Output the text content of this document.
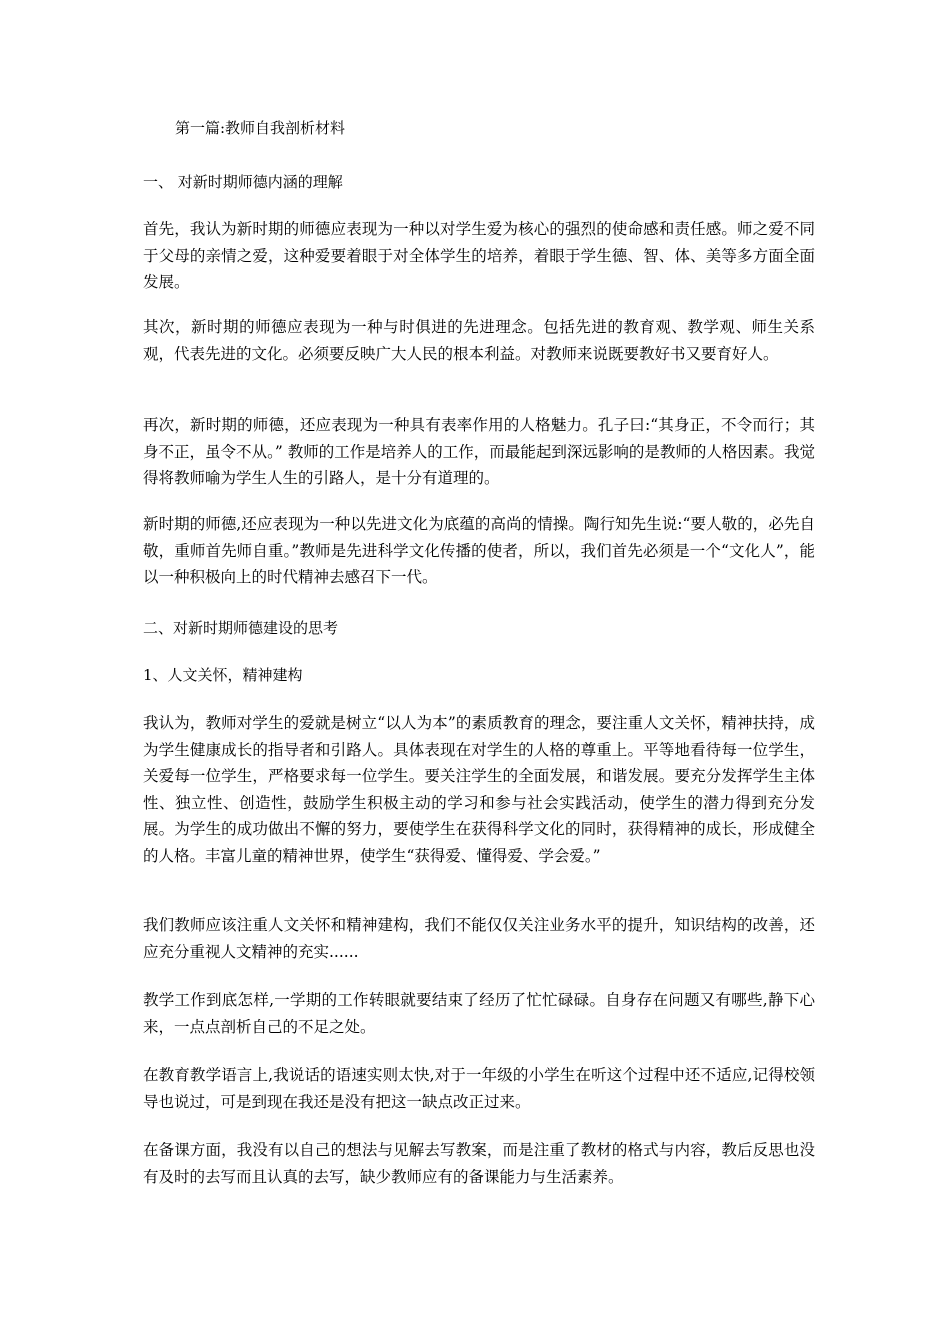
第一篇:教师自我剖析材料
一、 对新时期师德内涵的理解
首先，我认为新时期的师德应表现为一种以对学生爱为核心的强烈的使命感和责任感。师之爱不同于父母的亲情之爱，这种爱要着眼于对全体学生的培养，着眼于学生德、智、体、美等多方面全面发展。
其次，新时期的师德应表现为一种与时俱进的先进理念。包括先进的教育观、教学观、师生关系观，代表先进的文化。必须要反映广大人民的根本利益。对教师来说既要教好书又要育好人。
再次，新时期的师德，还应表现为一种具有表率作用的人格魅力。孔子曰:“其身正，不令而行；其身不正，虽令不从。” 教师的工作是培养人的工作，而最能起到深远影响的是教师的人格因素。我觉得将教师喻为学生人生的引路人，是十分有道理的。
新时期的师德,还应表现为一种以先进文化为底蕴的高尚的情操。陶行知先生说:“要人敬的，必先自敬，重师首先师自重。”教师是先进科学文化传播的使者，所以，我们首先必须是一个“文化人”，能以一种积极向上的时代精神去感召下一代。
二、对新时期师德建设的思考
1、人文关怀，精神建构
我认为，教师对学生的爱就是树立“以人为本”的素质教育的理念，要注重人文关怀，精神扶持，成为学生健康成长的指导者和引路人。具体表现在对学生的人格的尊重上。平等地看待每一位学生，关爱每一位学生，严格要求每一位学生。要关注学生的全面发展，和谐发展。要充分发挥学生主体性、独立性、创造性，鼓励学生积极主动的学习和参与社会实践活动，使学生的潜力得到充分发展。为学生的成功做出不懈的努力，要使学生在获得科学文化的同时，获得精神的成长，形成健全的人格。丰富儿童的精神世界，使学生“获得爱、懂得爱、学会爱。”
我们教师应该注重人文关怀和精神建构，我们不能仅仅关注业务水平的提升，知识结构的改善，还应充分重视人文精神的充实......
教学工作到底怎样,一学期的工作转眼就要结束了经历了忙忙碌碌。自身存在问题又有哪些,静下心来，一点点剖析自己的不足之处。
在教育教学语言上,我说话的语速实则太快,对于一年级的小学生在听这个过程中还不适应,记得校领导也说过，可是到现在我还是没有把这一缺点改正过来。
在备课方面，我没有以自己的想法与见解去写教案，而是注重了教材的格式与内容，教后反思也没有及时的去写而且认真的去写，缺少教师应有的备课能力与生活素养。
